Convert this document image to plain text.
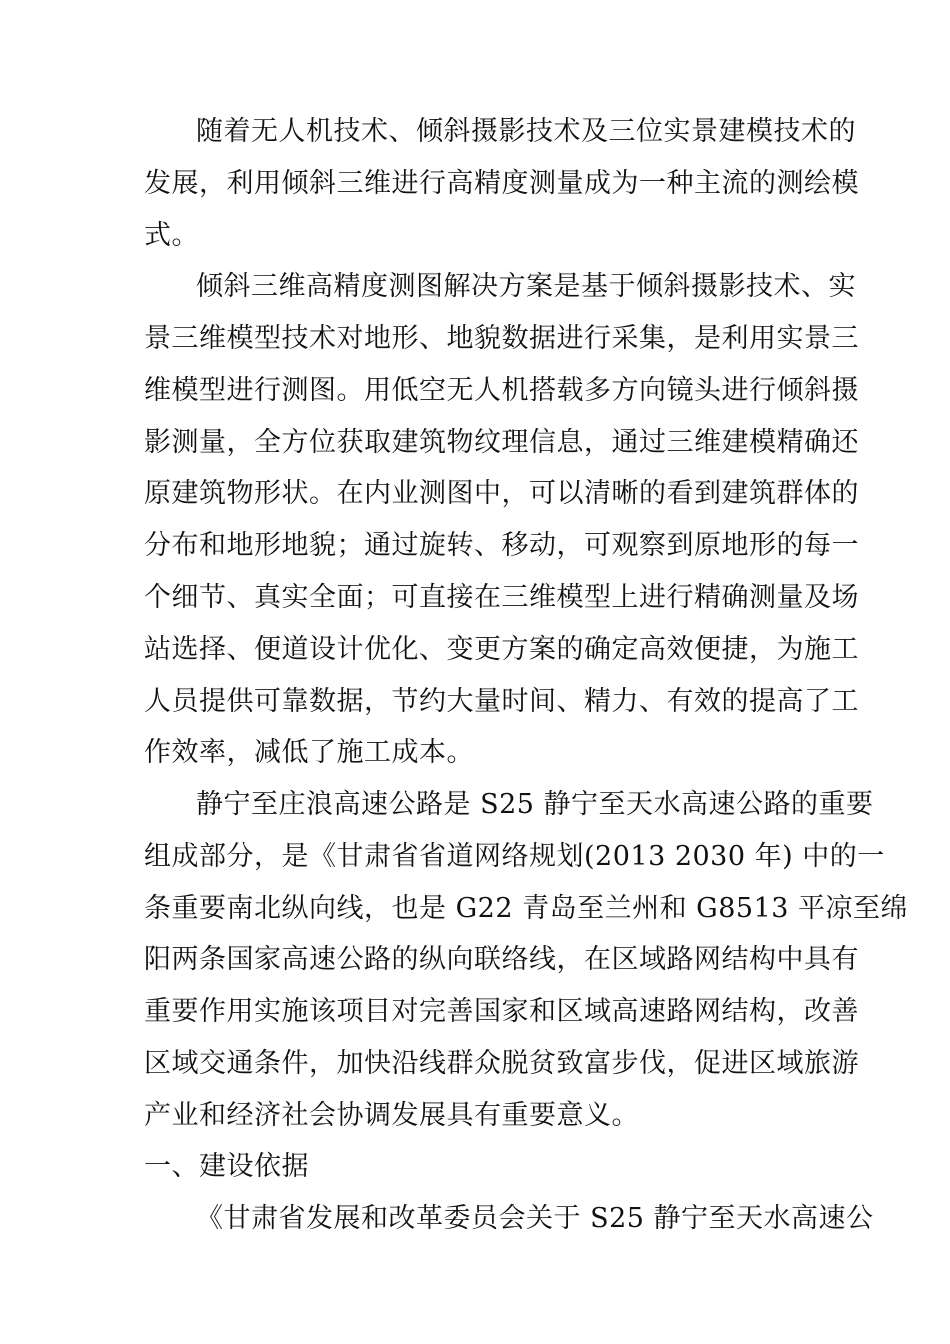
随着无人机技术、倾斜摄影技术及三位实景建模技术的
发展，利用倾斜三维进行高精度测量成为一种主流的测绘模
式。
倾斜三维高精度测图解决方案是基于倾斜摄影技术、实
景三维模型技术对地形、地貌数据进行采集，是利用实景三
维模型进行测图。用低空无人机搭载多方向镜头进行倾斜摄
影测量，全方位获取建筑物纹理信息，通过三维建模精确还
原建筑物形状。在内业测图中，可以清晰的看到建筑群体的
分布和地形地貌；通过旋转、移动，可观察到原地形的每一
个细节、真实全面；可直接在三维模型上进行精确测量及场
站选择、便道设计优化、变更方案的确定高效便捷，为施工
人员提供可靠数据，节约大量时间、精力、有效的提高了工
作效率，减低了施工成本。
静宁至庄浪高速公路是 S25 静宁至天水高速公路的重要
组成部分，是《甘肃省省道网络规划(2013 2030 年) 中的一
条重要南北纵向线，也是 G22 青岛至兰州和 G8513 平凉至绵
阳两条国家高速公路的纵向联络线，在区域路网结构中具有
重要作用实施该项目对完善国家和区域高速路网结构，改善
区域交通条件，加快沿线群众脱贫致富步伐，促进区域旅游
产业和经济社会协调发展具有重要意义。
一、建设依据
《甘肃省发展和改革委员会关于 S25 静宁至天水高速公
